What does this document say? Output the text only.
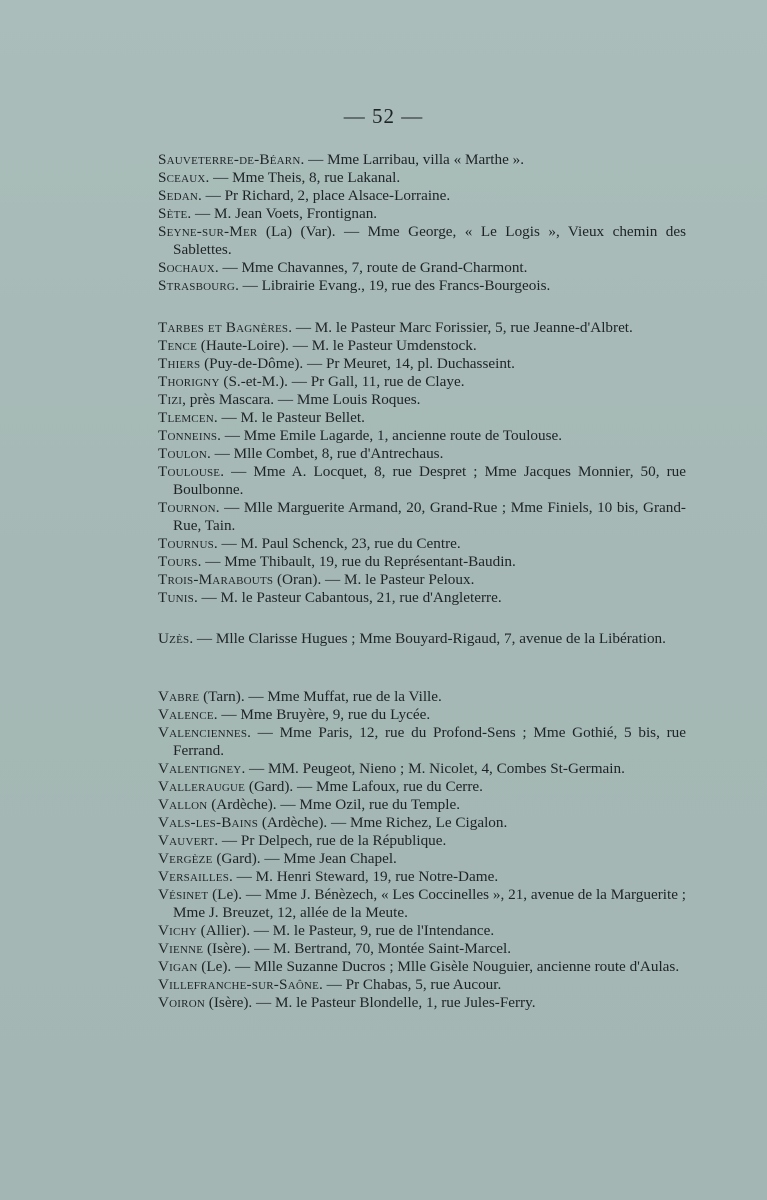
— 52 —

Sauveterre-de-Béarn. — Mme Larribau, villa « Marthe ».

Sceaux. — Mme Theis, 8, rue Lakanal.

Sedan. — Pr Richard, 2, place Alsace-Lorraine.

Sète. — M. Jean Voets, Frontignan.

Seyne-sur-Mer (La) (Var). — Mme George, « Le Logis », Vieux chemin des Sablettes.

Sochaux. — Mme Chavannes, 7, route de Grand-Charmont.

Strasbourg. — Librairie Evang., 19, rue des Francs-Bourgeois.

Tarbes et Bagnères. — M. le Pasteur Marc Forissier, 5, rue Jeanne-d'Albret.

Tence (Haute-Loire). — M. le Pasteur Umdenstock.

Thiers (Puy-de-Dôme). — Pr Meuret, 14, pl. Duchasseint.

Thorigny (S.-et-M.). — Pr Gall, 11, rue de Claye.

Tizi, près Mascara. — Mme Louis Roques.

Tlemcen. — M. le Pasteur Bellet.

Tonneins. — Mme Emile Lagarde, 1, ancienne route de Toulouse.

Toulon. — Mlle Combet, 8, rue d'Antrechaus.

Toulouse. — Mme A. Locquet, 8, rue Despret ; Mme Jacques Monnier, 50, rue Boulbonne.

Tournon. — Mlle Marguerite Armand, 20, Grand-Rue ; Mme Finiels, 10 bis, Grand-Rue, Tain.

Tournus. — M. Paul Schenck, 23, rue du Centre.

Tours. — Mme Thibault, 19, rue du Représentant-Baudin.

Trois-Marabouts (Oran). — M. le Pasteur Peloux.

Tunis. — M. le Pasteur Cabantous, 21, rue d'Angleterre.

Uzès. — Mlle Clarisse Hugues ; Mme Bouyard-Rigaud, 7, avenue de la Libération.

Vabre (Tarn). — Mme Muffat, rue de la Ville.

Valence. — Mme Bruyère, 9, rue du Lycée.

Valenciennes. — Mme Paris, 12, rue du Profond-Sens ; Mme Gothié, 5 bis, rue Ferrand.

Valentigney. — MM. Peugeot, Nieno ; M. Nicolet, 4, Combes St-Germain.

Valleraugue (Gard). — Mme Lafoux, rue du Cerre.

Vallon (Ardèche). — Mme Ozil, rue du Temple.

Vals-les-Bains (Ardèche). — Mme Richez, Le Cigalon.

Vauvert. — Pr Delpech, rue de la République.

Vergèze (Gard). — Mme Jean Chapel.

Versailles. — M. Henri Steward, 19, rue Notre-Dame.

Vésinet (Le). — Mme J. Bénèzech, « Les Coccinelles », 21, avenue de la Marguerite ; Mme J. Breuzet, 12, allée de la Meute.

Vichy (Allier). — M. le Pasteur, 9, rue de l'Intendance.

Vienne (Isère). — M. Bertrand, 70, Montée Saint-Marcel.

Vigan (Le). — Mlle Suzanne Ducros ; Mlle Gisèle Nouguier, ancienne route d'Aulas.

Villefranche-sur-Saône. — Pr Chabas, 5, rue Aucour.

Voiron (Isère). — M. le Pasteur Blondelle, 1, rue Jules-Ferry.
